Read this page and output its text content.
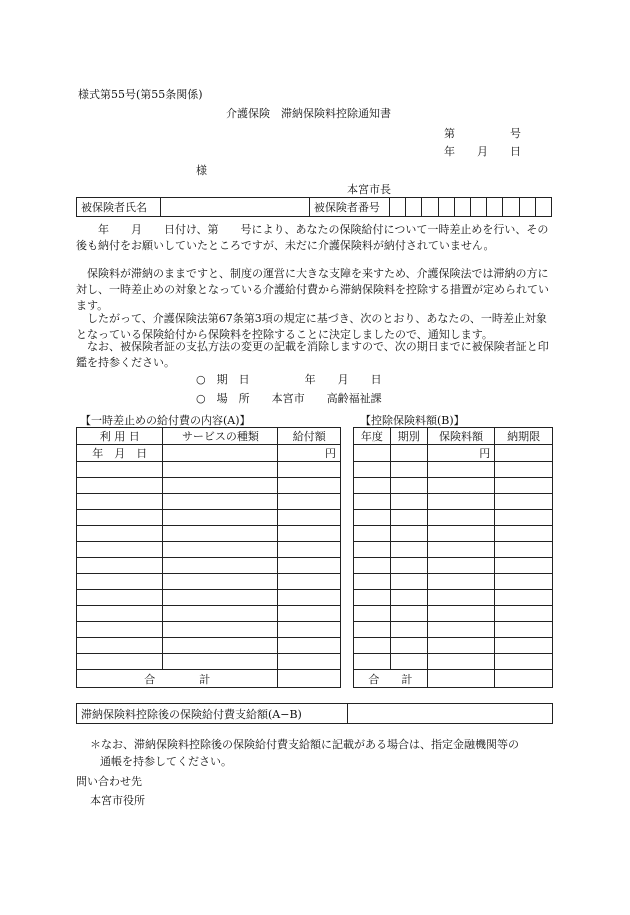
様式第55号(第55条関係)
介護保険　滞納保険料控除通知書
第　　　　　号
年　　月　　日
様
本宮市長
被保険者氏名		被保険者番号										
　　年　　月　　日付け、第　　号により、あなたの保険給付について一時差止めを行い、その後も納付をお願いしていたところですが、未だに介護保険料が納付されていません。
　保険料が滞納のままですと、制度の運営に大きな支障を来すため、介護保険法では滞納の方に対し、一時差止めの対象となっている介護給付費から滞納保険料を控除する措置が定められています。
　したがって、介護保険法第67条第3項の規定に基づき、次のとおり、あなたの、一時差止対象となっている保険給付から保険料を控除することに決定しましたので、通知します。
　なお、被保険者証の支払方法の変更の記載を消除しますので、次の期日までに被保険者証と印鑑を持参ください。
○　期　日　　　　　年　　月　　日
○　場　所　　本宮市　　高齢福祉課
【一時差止めの給付費の内容(A)】	【控除保険料額(B)】
利 用 日	サービスの種類	給付額
年　月　日		円

合　　　　計		
年度	期別	保険料額	納期限
		円	

合　　計			
滞納保険料控除後の保険給付費支給額(A−B)	
＊なお、滞納保険料控除後の保険給付費支給額に記載がある場合は、指定金融機関等の
通帳を持参してください。
問い合わせ先
本宮市役所
